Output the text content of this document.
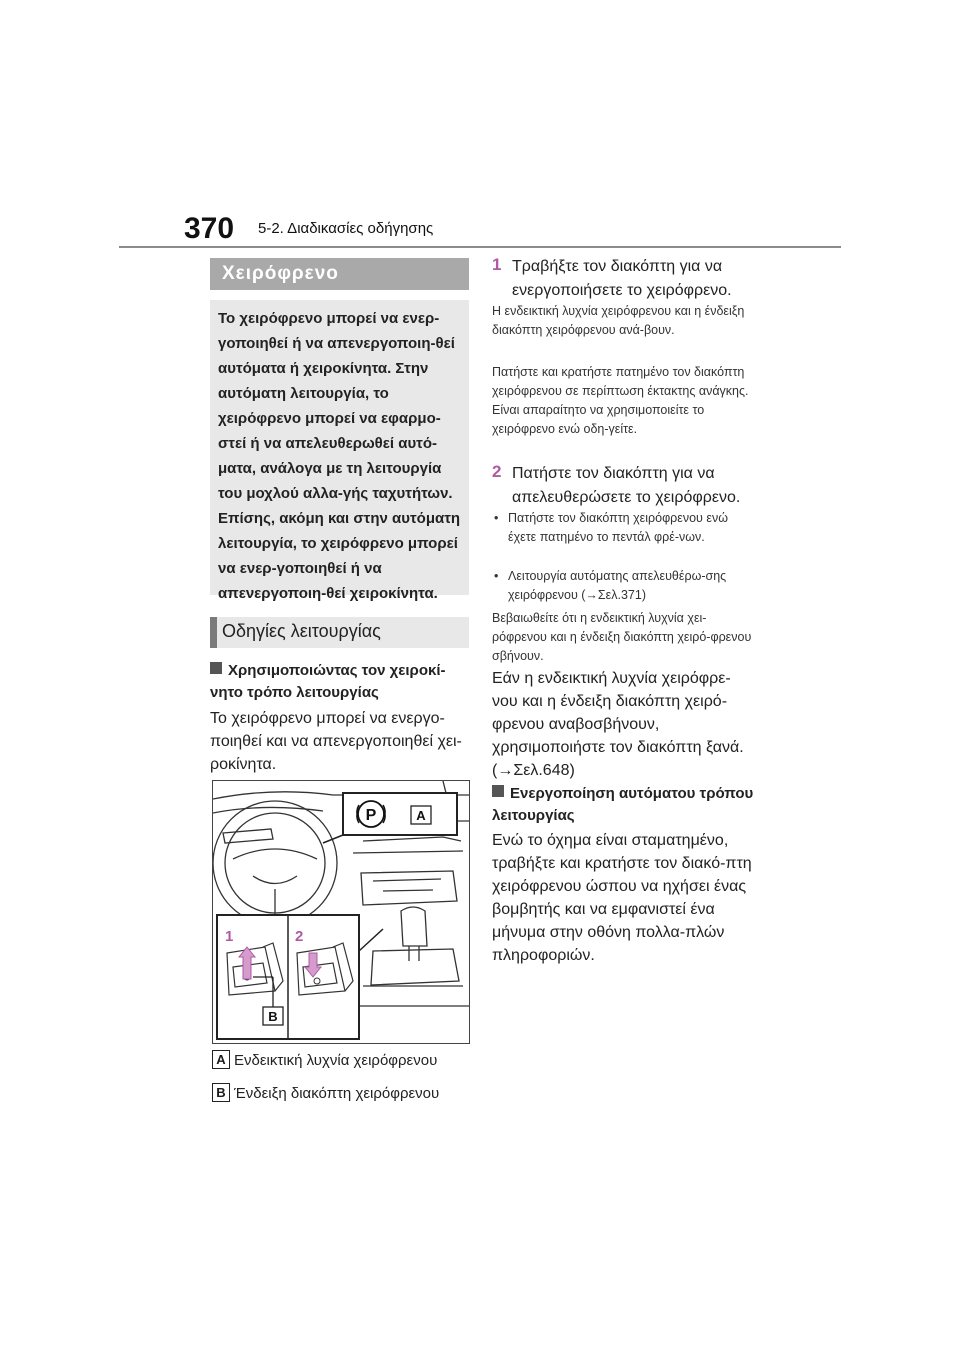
370 5-2. Διαδικασίες οδήγησης
Χειρόφρενο

Το χειρόφρενο μπορεί να ενερ-γοποιηθεί ή να απενεργοποιη-θεί αυτόματα ή χειροκίνητα. Στην αυτόματη λειτουργία, το χειρόφρενο μπορεί να εφαρμο-στεί ή να απελευθερωθεί αυτό-ματα, ανάλογα με τη λειτουργία του μοχλού αλλα-γής ταχυτήτων. Επίσης, ακόμη και στην αυτόματη λειτουργία, το χειρόφρενο μπορεί να ενερ-γοποιηθεί ή να απενεργοποιη-θεί χειροκίνητα.

Οδηγίες λειτουργίας
Χρησιμοποιώντας τον χειροκί-νητο τρόπο λειτουργίας

Το χειρόφρενο μπορεί να ενεργο-ποιηθεί και να απενεργοποιηθεί χει-ροκίνητα.

P	A
1	2
B
A Ενδεικτική λυχνία χειρόφρενου
B Ένδειξη διακόπτη χειρόφρενου
1 Τραβήξτε τον διακόπτη για να ενεργοποιήσετε το χειρόφρενο.

Η ενδεικτική λυχνία χειρόφρενου και η ένδειξη διακόπτη χειρόφρενου ανά-βουν.

Πατήστε και κρατήστε πατημένο τον διακόπτη χειρόφρενου σε περίπτωση έκτακτης ανάγκης. Είναι απαραίτητο να χρησιμοποιείτε το χειρόφρενο ενώ οδη-γείτε.

2 Πατήστε τον διακόπτη για να απελευθερώσετε το χειρόφρενο.

• Πατήστε τον διακόπτη χειρόφρενου ενώ έχετε πατημένο το πεντάλ φρέ-νων.

• Λειτουργία αυτόματης απελευθέρω-σης χειρόφρενου (→Σελ.371)

Βεβαιωθείτε ότι η ενδεικτική λυχνία χει-ρόφρενου και η ένδειξη διακόπτη χειρό-φρενου σβήνουν.

Εάν η ενδεικτική λυχνία χειρόφρε-νου και η ένδειξη διακόπτη χειρό-φρενου αναβοσβήνουν, χρησιμοποιήστε τον διακόπτη ξανά. (→Σελ.648)

Ενεργοποίηση αυτόματου τρόπου λειτουργίας

Ενώ το όχημα είναι σταματημένο, τραβήξτε και κρατήστε τον διακό-πτη χειρόφρενου ώσπου να ηχήσει ένας βομβητής και να εμφανιστεί ένα μήνυμα στην οθόνη πολλα-πλών πληροφοριών.
